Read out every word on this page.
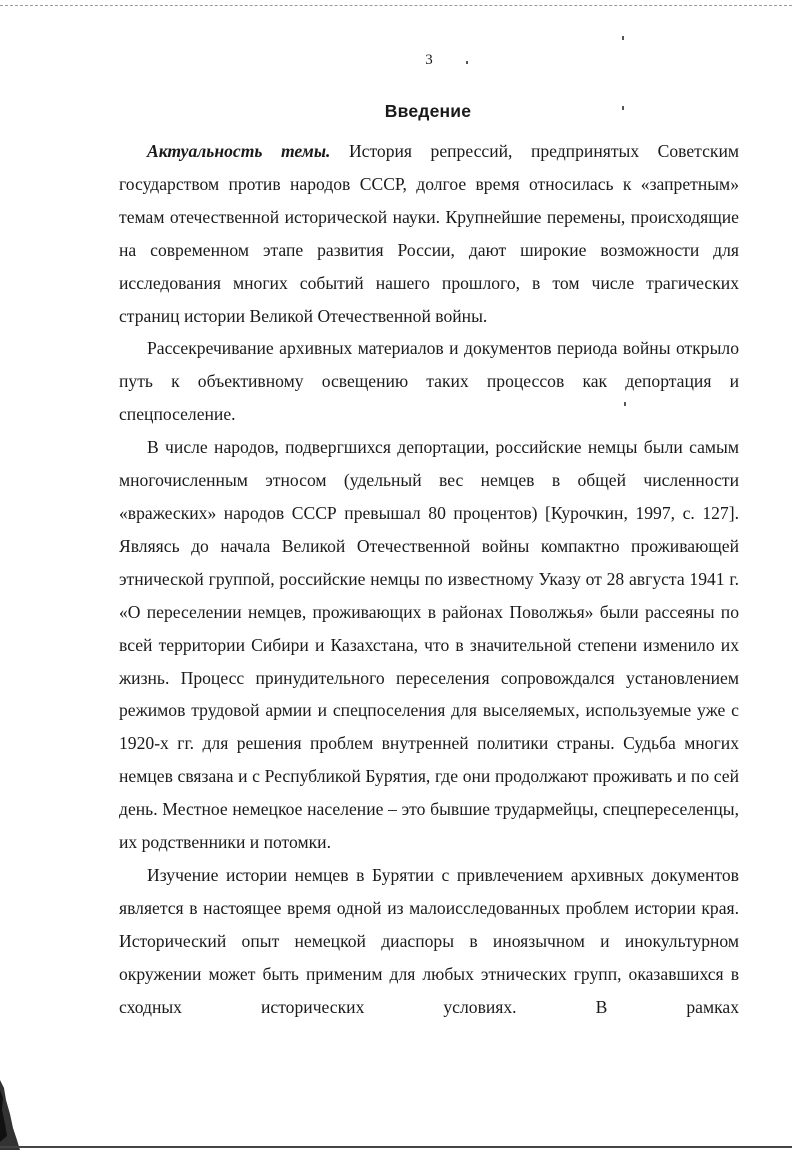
3
Введение

Актуальность темы. История репрессий, предпринятых Советским государством против народов СССР, долгое время относилась к «запретным» темам отечественной исторической науки. Крупнейшие перемены, происходящие на современном этапе развития России, дают широкие возможности для исследования многих событий нашего прошлого, в том числе трагических страниц истории Великой Отечественной войны.

Рассекречивание архивных материалов и документов периода войны открыло путь к объективному освещению таких процессов как депортация и спецпоселение.

В числе народов, подвергшихся депортации, российские немцы были самым многочисленным этносом (удельный вес немцев в общей численности «вражеских» народов СССР превышал 80 процентов) [Курочкин, 1997, с. 127]. Являясь до начала Великой Отечественной войны компактно проживающей этнической группой, российские немцы по известному Указу от 28 августа 1941 г. «О переселении немцев, проживающих в районах Поволжья» были рассеяны по всей территории Сибири и Казахстана, что в значительной степени изменило их жизнь. Процесс принудительного переселения сопровождался установлением режимов трудовой армии и спецпоселения для выселяемых, используемые уже с 1920-х гг. для решения проблем внутренней политики страны. Судьба многих немцев связана и с Республикой Бурятия, где они продолжают проживать и по сей день. Местное немецкое население – это бывшие трудармейцы, спецпереселенцы, их родственники и потомки.

Изучение истории немцев в Бурятии с привлечением архивных документов является в настоящее время одной из малоисследованных проблем истории края. Исторический опыт немецкой диаспоры в иноязычном и инокультурном окружении может быть применим для любых этнических групп, оказавшихся в сходных исторических условиях. В рамках
